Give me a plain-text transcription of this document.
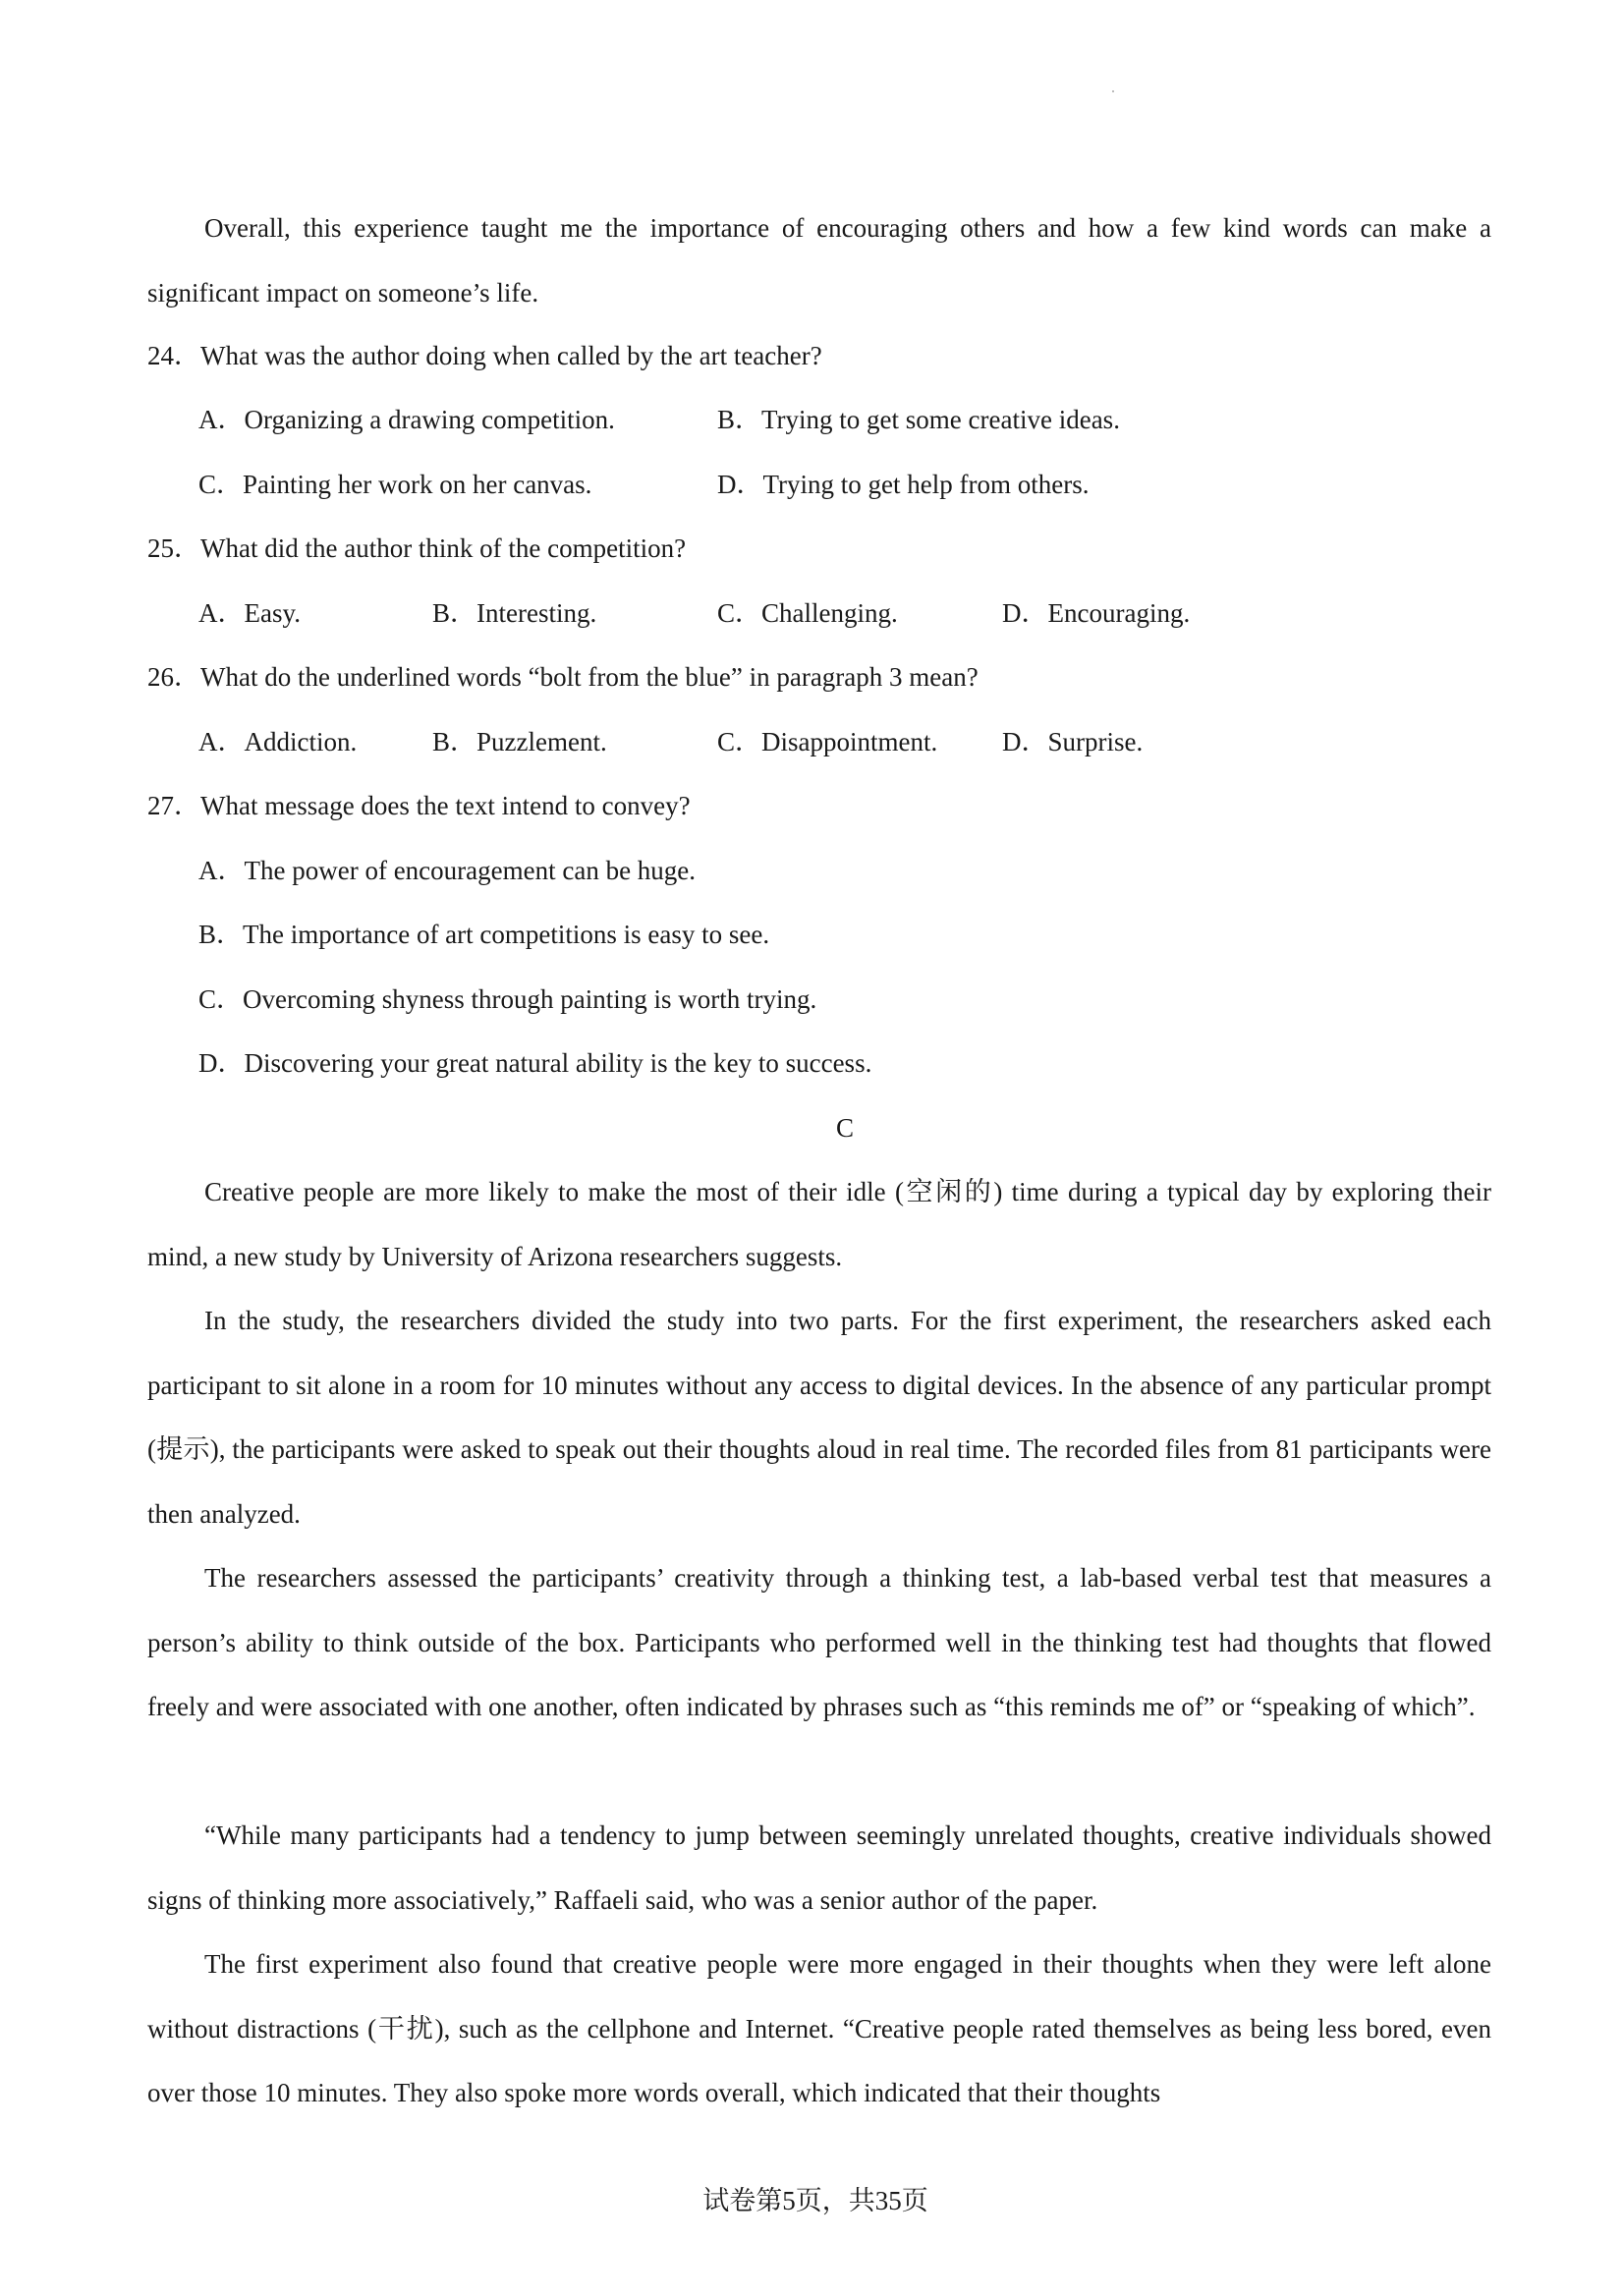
Overall, this experience taught me the importance of encouraging others and how a few kind words can make a significant impact on someone’s life.

24．What was the author doing when called by the art teacher?
A．Organizing a drawing competition.	B．Trying to get some creative ideas.
C．Painting her work on her canvas.	D．Trying to get help from others.
25．What did the author think of the competition?
A．Easy.	B．Interesting.	C．Challenging.	D．Encouraging.
26．What do the underlined words “bolt from the blue” in paragraph 3 mean?
A．Addiction.	B．Puzzlement.	C．Disappointment. D．Surprise.
27．What message does the text intend to convey?
A．The power of encouragement can be huge.
B．The importance of art competitions is easy to see.
C．Overcoming shyness through painting is worth trying.
D．Discovering your great natural ability is the key to success.
C

Creative people are more likely to make the most of their idle (空闲的) time during a typical day by exploring their mind, a new study by University of Arizona researchers suggests.

In the study, the researchers divided the study into two parts. For the first experiment, the researchers asked each participant to sit alone in a room for 10 minutes without any access to digital devices. In the absence of any particular prompt (提示), the participants were asked to speak out their thoughts aloud in real time. The recorded files from 81 participants were then analyzed.

The researchers assessed the participants’ creativity through a thinking test, a lab-based verbal test that measures a person’s ability to think outside of the box. Participants who performed well in the thinking test had thoughts that flowed freely and were associated with one another, often indicated by phrases such as “this reminds me of” or “speaking of which”.

“While many participants had a tendency to jump between seemingly unrelated thoughts, creative individuals showed signs of thinking more associatively,” Raffaeli said, who was a senior author of the paper.

The first experiment also found that creative people were more engaged in their thoughts when they were left alone without distractions (干扰), such as the cellphone and Internet. “Creative people rated themselves as being less bored, even over those 10 minutes. They also spoke more words overall, which indicated that their thoughts

试卷第5页，共35页
